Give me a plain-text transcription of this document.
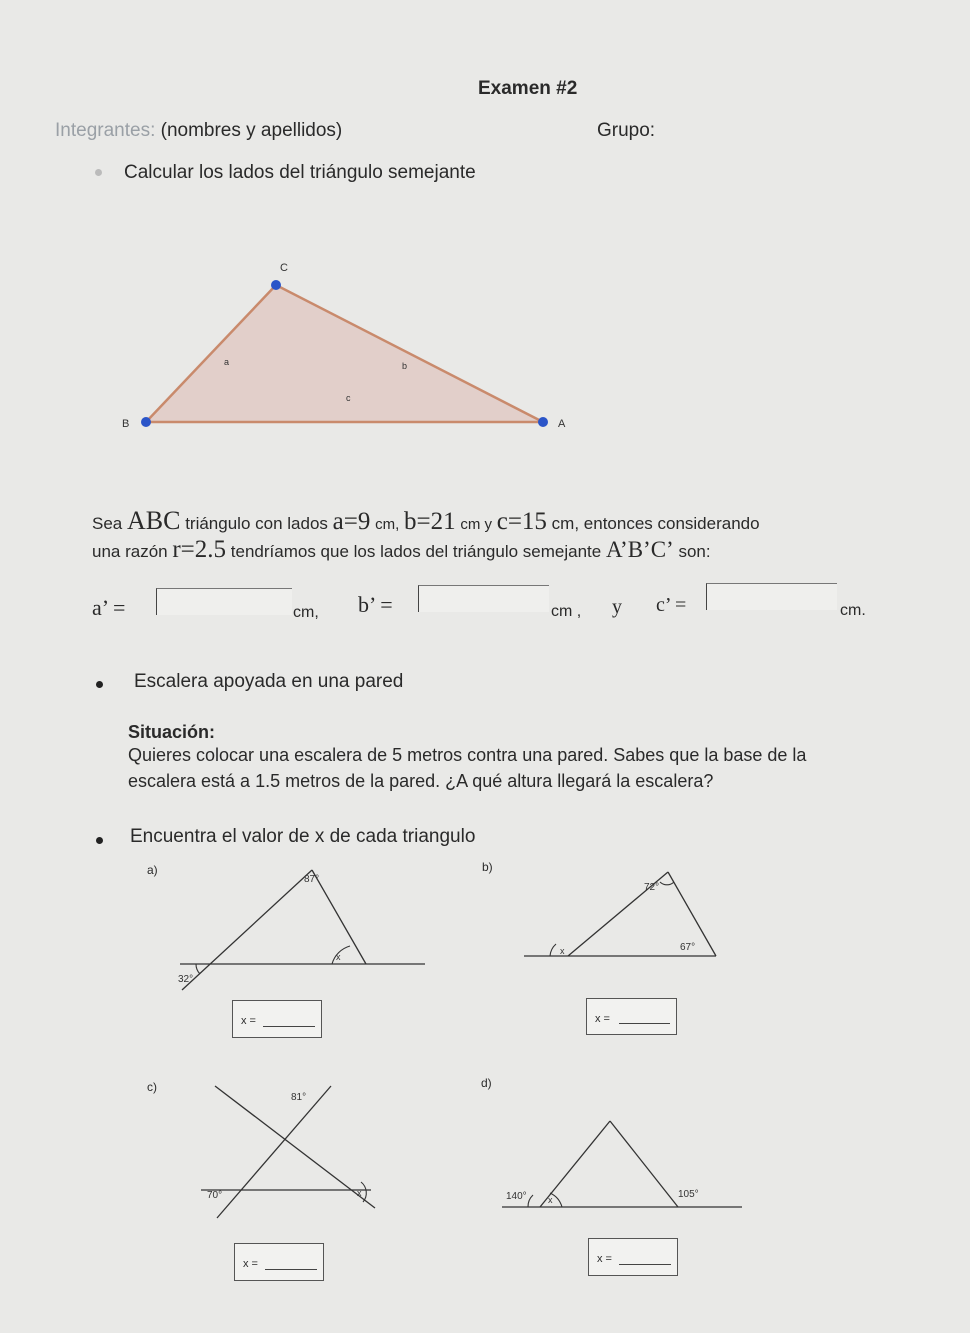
Examen #2
Integrantes: (nombres y apellidos)	Grupo:
Calcular los lados del triángulo semejante
C
B	A
a	b
c
Sea ABC triángulo con lados a=9 cm, b=21 cm y c=15 cm, entonces considerando
una razón r=2.5 tendríamos que los lados del triángulo semejante A’B’C’ son:
a’ =	cm, b’ =	cm , y c’ =	cm.
Escalera apoyada en una pared
Situación:
Quieres colocar una escalera de 5 metros contra una pared. Sabes que la base de la
escalera está a 1.5 metros de la pared. ¿A qué altura llegará la escalera?
Encuentra el valor de x de cada triangulo
a)
87°
32°
x
x =
b)
72°
67°
x
x =
c)
81°
70°	x
x =
d)
140°	105°
x
x =
